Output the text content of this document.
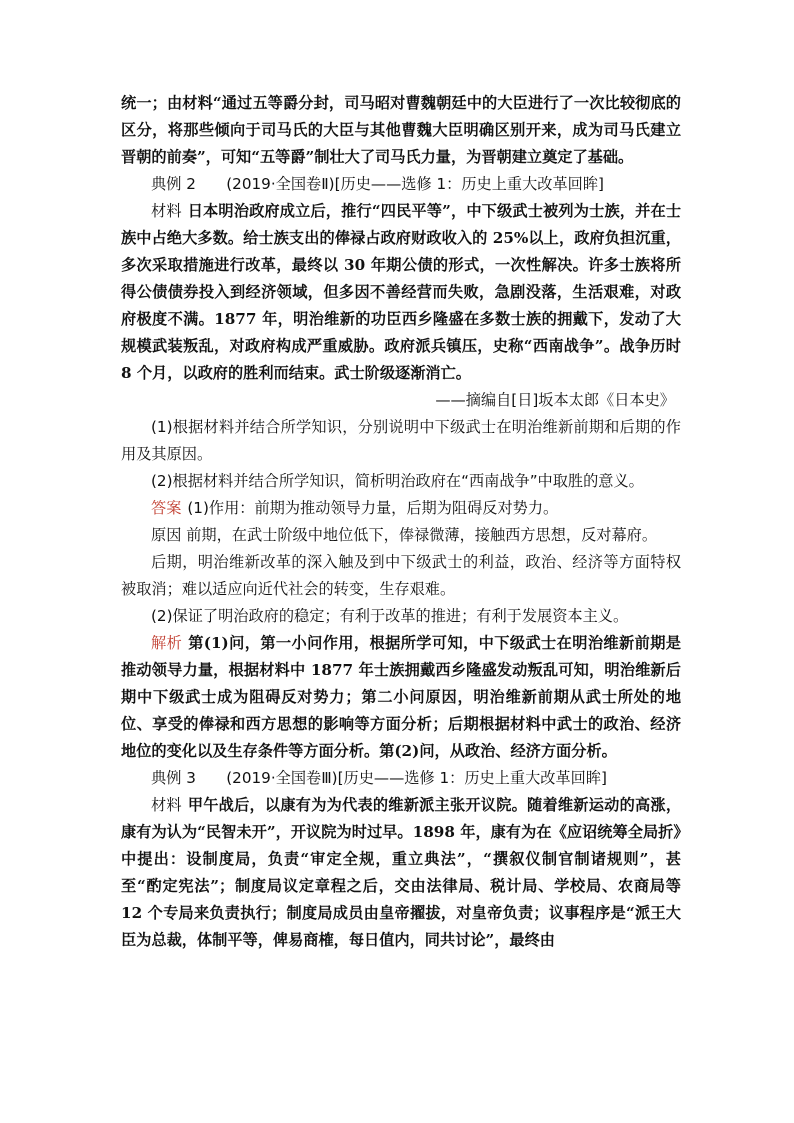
统一；由材料“通过五等爵分封，司马昭对曹魏朝廷中的大臣进行了一次比较彻底的区分，将那些倾向于司马氏的大臣与其他曹魏大臣明确区别开来，成为司马氏建立晋朝的前奏”，可知“五等爵”制壮大了司马氏力量，为晋朝建立奠定了基础。

典例 2　　(2019·全国卷Ⅱ)[历史——选修 1：历史上重大改革回眸]

材料 日本明治政府成立后，推行“四民平等”，中下级武士被列为士族，并在士族中占绝大多数。给士族支出的俸禄占政府财政收入的 25%以上，政府负担沉重，多次采取措施进行改革，最终以 30 年期公债的形式，一次性解决。许多士族将所得公债债券投入到经济领域，但多因不善经营而失败，急剧没落，生活艰难，对政府极度不满。1877 年，明治维新的功臣西乡隆盛在多数士族的拥戴下，发动了大规模武装叛乱，对政府构成严重威胁。政府派兵镇压，史称“西南战争”。战争历时 8 个月，以政府的胜利而结束。武士阶级逐渐消亡。

——摘编自[日]坂本太郎《日本史》

(1)根据材料并结合所学知识，分别说明中下级武士在明治维新前期和后期的作用及其原因。

(2)根据材料并结合所学知识，简析明治政府在“西南战争”中取胜的意义。

答案 (1)作用：前期为推动领导力量，后期为阻碍反对势力。

原因 前期，在武士阶级中地位低下，俸禄微薄，接触西方思想，反对幕府。

后期，明治维新改革的深入触及到中下级武士的利益，政治、经济等方面特权被取消；难以适应向近代社会的转变，生存艰难。

(2)保证了明治政府的稳定；有利于改革的推进；有利于发展资本主义。

解析 第(1)问，第一小问作用，根据所学可知，中下级武士在明治维新前期是推动领导力量，根据材料中 1877 年士族拥戴西乡隆盛发动叛乱可知，明治维新后期中下级武士成为阻碍反对势力；第二小问原因，明治维新前期从武士所处的地位、享受的俸禄和西方思想的影响等方面分析；后期根据材料中武士的政治、经济地位的变化以及生存条件等方面分析。第(2)问，从政治、经济方面分析。

典例 3　　(2019·全国卷Ⅲ)[历史——选修 1：历史上重大改革回眸]

材料 甲午战后，以康有为为代表的维新派主张开议院。随着维新运动的高涨，康有为认为“民智未开”，开议院为时过早。1898 年，康有为在《应诏统筹全局折》中提出：设制度局，负责“审定全规，重立典法”，“撰叙仪制官制诸规则”，甚至“酌定宪法”；制度局议定章程之后，交由法律局、税计局、学校局、农商局等 12 个专局来负责执行；制度局成员由皇帝擢拔，对皇帝负责；议事程序是“派王大臣为总裁，体制平等，俾易商榷，每日值内，同共讨论”，最终由
